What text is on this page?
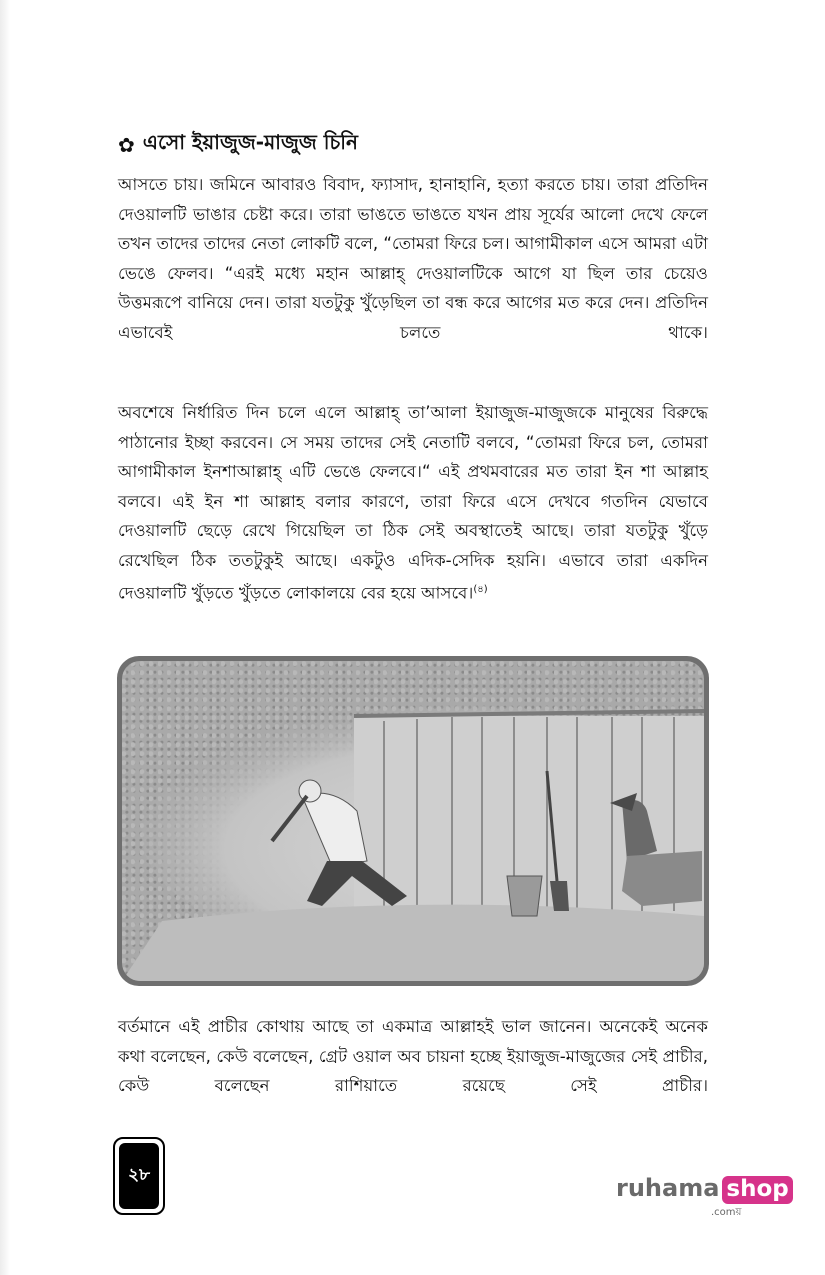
✿ এসো ইয়াজুজ-মাজুজ চিনি

আসতে চায়। জমিনে আবারও বিবাদ, ফ্যাসাদ, হানাহানি, হত্যা করতে চায়। তারা প্রতিদিন দেওয়ালটি ভাঙার চেষ্টা করে। তারা ভাঙতে ভাঙতে যখন প্রায় সূর্যের আলো দেখে ফেলে তখন তাদের তাদের নেতা লোকটি বলে, “তোমরা ফিরে চল। আগামীকাল এসে আমরা এটা ভেঙে ফেলব। “এরই মধ্যে মহান আল্লাহ্ দেওয়ালটিকে আগে যা ছিল তার চেয়েও উত্তমরূপে বানিয়ে দেন। তারা যতটুকু খুঁড়েছিল তা বন্ধ করে আগের মত করে দেন। প্রতিদিন এভাবেই চলতে থাকে।

অবশেষে নির্ধারিত দিন চলে এলে আল্লাহ্ তা’আলা ইয়াজুজ-মাজুজকে মানুষের বিরুদ্ধে পাঠানোর ইচ্ছা করবেন। সে সময় তাদের সেই নেতাটি বলবে, “তোমরা ফিরে চল, তোমরা আগামীকাল ইনশাআল্লাহ্ এটি ভেঙে ফেলবে।“ এই প্রথমবারের মত তারা ইন শা আল্লাহ বলবে। এই ইন শা আল্লাহ বলার কারণে, তারা ফিরে এসে দেখবে গতদিন যেভাবে দেওয়ালটি ছেড়ে রেখে গিয়েছিল তা ঠিক সেই অবস্থাতেই আছে। তারা যতটুকু খুঁড়ে রেখেছিল ঠিক ততটুকুই আছে। একটুও এদিক-সেদিক হয়নি। এভাবে তারা একদিন দেওয়ালটি খুঁড়তে খুঁড়তে লোকালয়ে বের হয়ে আসবে।$^{(৪)}$

বর্তমানে এই প্রাচীর কোথায় আছে তা একমাত্র আল্লাহই ভাল জানেন। অনেকেই অনেক কথা বলেছেন, কেউ বলেছেন, গ্রেট ওয়াল অব চায়না হচ্ছে ইয়াজুজ-মাজুজের সেই প্রাচীর, কেউ বলেছেন রাশিয়াতে রয়েছে সেই প্রাচীর।

২৮	ruhama shop
.comয়
